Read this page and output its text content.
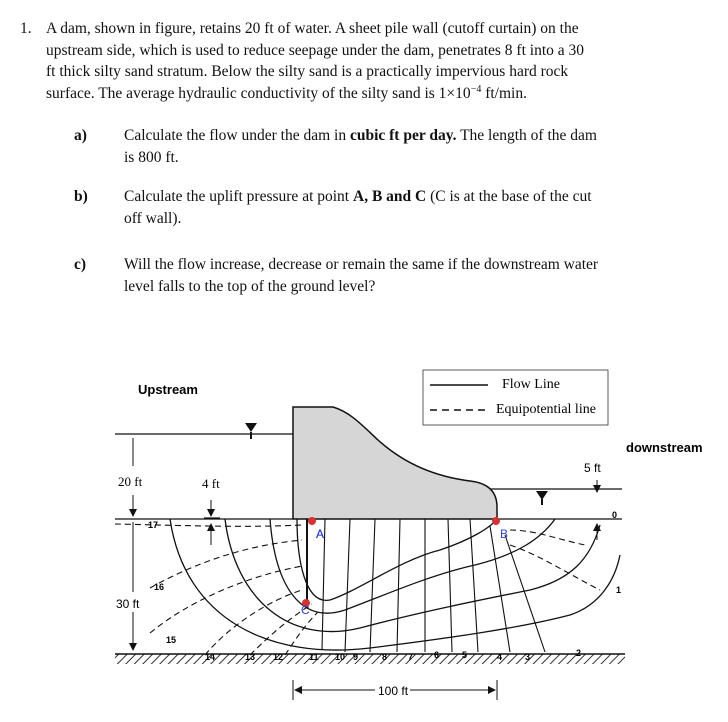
1. A dam, shown in figure, retains 20 ft of water. A sheet pile wall (cutoff curtain) on the
upstream side, which is used to reduce seepage under the dam, penetrates 8 ft into a 30
ft thick silty sand stratum. Below the silty sand is a practically impervious hard rock
surface. The average hydraulic conductivity of the silty sand is $1\times 10^{-4}$ ft/min.
a) Calculate the flow under the dam in cubic ft per day. The length of the dam
is 800 ft.
b) Calculate the uplift pressure at point A, B and C (C is at the base of the cut
off wall).
c) Will the flow increase, decrease or remain the same if the downstream water
level falls to the top of the ground level?
Flow Line
Equipotential line
Upstream
downstream
20 ft
30 ft
4 ft
5 ft
100 ft
A	B
C
17
16
15
14	13 12	11 10 9	8 7 6	5	4	3	2
0
1
